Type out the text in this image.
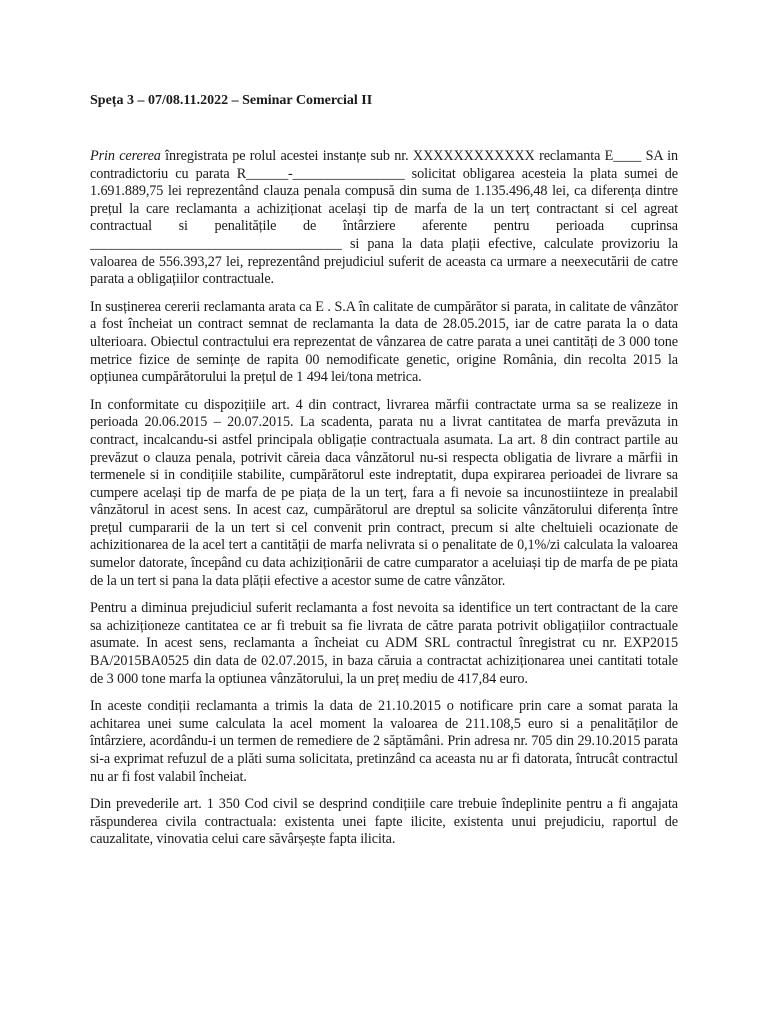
Speța 3 – 07/08.11.2022 – Seminar Comercial II

Prin cererea înregistrata pe rolul acestei instanțe sub nr. XXXXXXXXXXXX reclamanta E____ SA in contradictoriu cu parata R______-________________ solicitat obligarea acesteia la plata sumei de 1.691.889,75 lei reprezentând clauza penala compusă din suma de 1.135.496,48 lei, ca diferența dintre prețul la care reclamanta a achiziționat același tip de marfa de la un terț contractant si cel agreat contractual si penalitățile de întârziere aferente pentru perioada cuprinsa ____________________________________ si pana la data plații efective, calculate provizoriu la valoarea de 556.393,27 lei, reprezentând prejudiciul suferit de aceasta ca urmare a neexecutării de catre parata a obligațiilor contractuale.

In susținerea cererii reclamanta arata ca E . S.A în calitate de cumpărător si parata, in calitate de vânzător a fost încheiat un contract semnat de reclamanta la data de 28.05.2015, iar de catre parata la o data ulterioara. Obiectul contractului era reprezentat de vânzarea de catre parata a unei cantități de 3 000 tone metrice fizice de semințe de rapita 00 nemodificate genetic, origine România, din recolta 2015 la opțiunea cumpărătorului la prețul de 1 494 lei/tona metrica.

In conformitate cu dispozițiile art. 4 din contract, livrarea mărfii contractate urma sa se realizeze in perioada 20.06.2015 – 20.07.2015. La scadenta, parata nu a livrat cantitatea de marfa prevăzuta in contract, incalcandu-si astfel principala obligație contractuala asumata. La art. 8 din contract partile au prevăzut o clauza penala, potrivit căreia daca vânzătorul nu-si respecta obligatia de livrare a mărfii in termenele si in condițiile stabilite, cumpărătorul este indreptatit, dupa expirarea perioadei de livrare sa cumpere același tip de marfa de pe piața de la un terț, fara a fi nevoie sa incunostiinteze in prealabil vânzătorul in acest sens. In acest caz, cumpărătorul are dreptul sa solicite vânzătorului diferența între prețul cumpararii de la un tert si cel convenit prin contract, precum si alte cheltuieli ocazionate de achizitionarea de la acel tert a cantității de marfa nelivrata si o penalitate de 0,1%/zi calculata la valoarea sumelor datorate, începând cu data achiziționării de catre cumparator a aceluiași tip de marfa de pe piata de la un tert si pana la data plății efective a acestor sume de catre vânzător.

Pentru a diminua prejudiciul suferit reclamanta a fost nevoita sa identifice un tert contractant de la care sa achiziționeze cantitatea ce ar fi trebuit sa fie livrata de către parata potrivit obligațiilor contractuale asumate. In acest sens, reclamanta a încheiat cu ADM SRL contractul înregistrat cu nr. EXP2015 BA/2015BA0525 din data de 02.07.2015, in baza căruia a contractat achiziționarea unei cantitati totale de 3 000 tone marfa la optiunea vânzătorului, la un preț mediu de 417,84 euro.

In aceste condiții reclamanta a trimis la data de 21.10.2015 o notificare prin care a somat parata la achitarea unei sume calculata la acel moment la valoarea de 211.108,5 euro si a penalităților de întârziere, acordându-i un termen de remediere de 2 săptămâni. Prin adresa nr. 705 din 29.10.2015 parata si-a exprimat refuzul de a plăti suma solicitata, pretinzând ca aceasta nu ar fi datorata, întrucât contractul nu ar fi fost valabil încheiat.

Din prevederile art. 1 350 Cod civil se desprind condițiile care trebuie îndeplinite pentru a fi angajata răspunderea civila contractuala: existenta unei fapte ilicite, existenta unui prejudiciu, raportul de cauzalitate, vinovatia celui care săvârșește fapta ilicita.
